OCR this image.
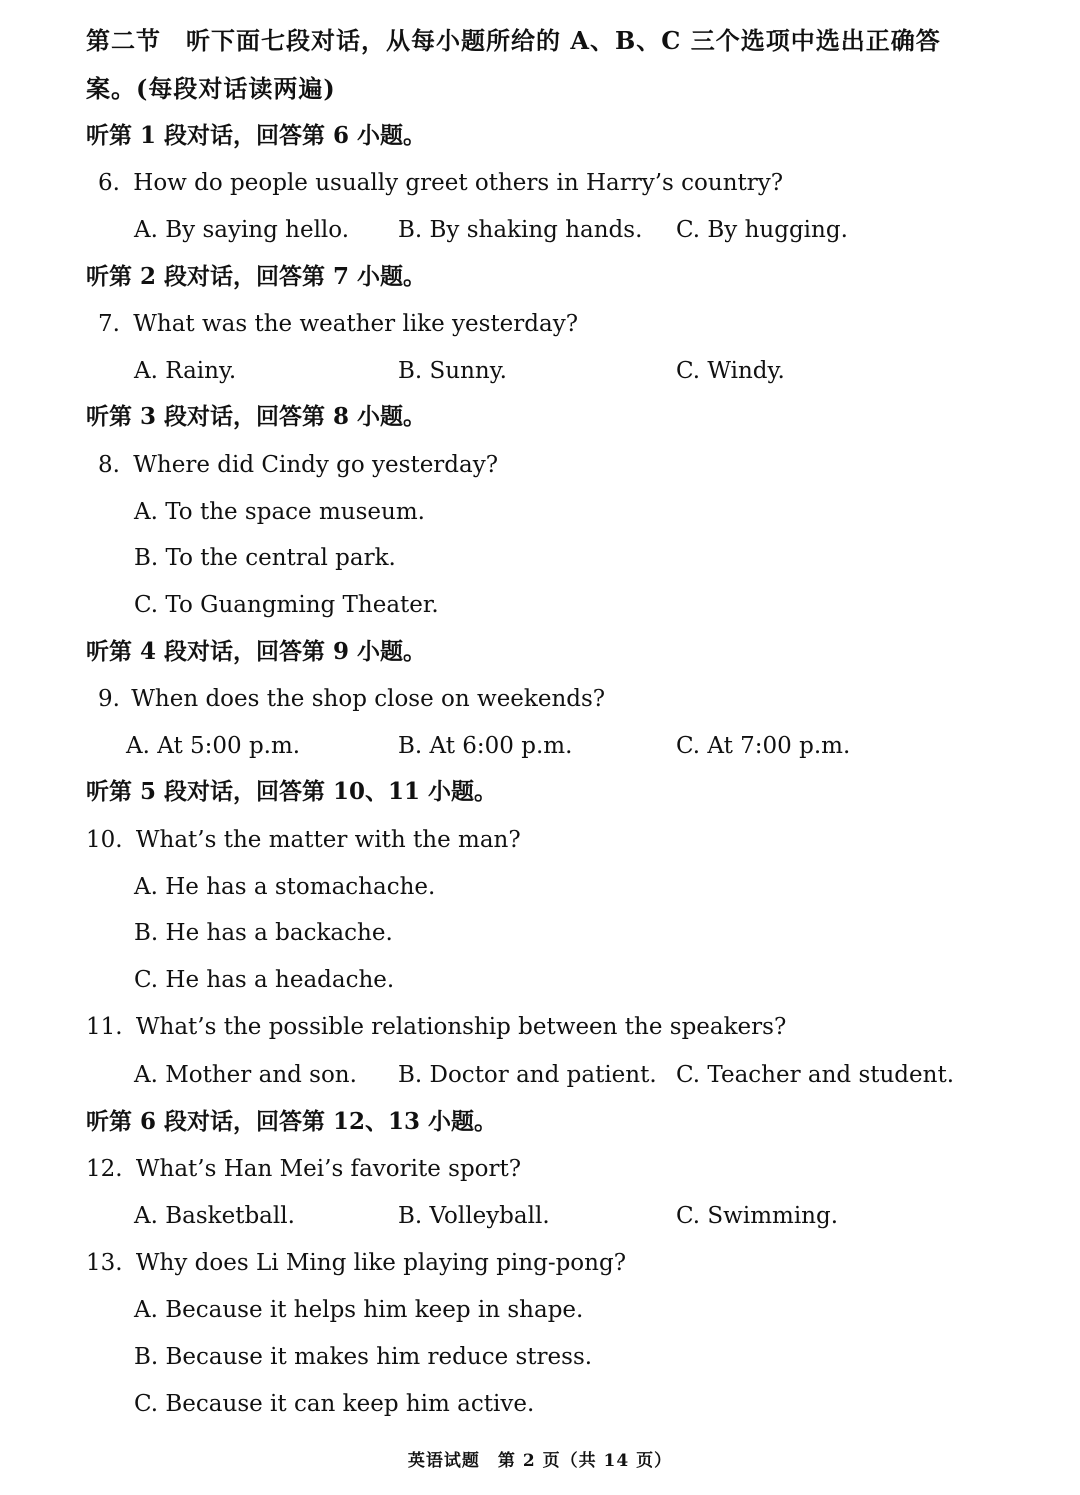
第二节　听下面七段对话，从每小题所给的 A、B、C 三个选项中选出正确答
案。(每段对话读两遍)
听第 1 段对话，回答第 6 小题。
6. How do people usually greet others in Harry’s country?
A. By saying hello. B. By shaking hands. C. By hugging.
听第 2 段对话，回答第 7 小题。
7. What was the weather like yesterday?
A. Rainy.	B. Sunny.	C. Windy.
听第 3 段对话，回答第 8 小题。
8. Where did Cindy go yesterday?
A. To the space museum.
B. To the central park.
C. To Guangming Theater.
听第 4 段对话，回答第 9 小题。
9. When does the shop close on weekends?
A. At 5:00 p.m.	B. At 6:00 p.m.	C. At 7:00 p.m.
听第 5 段对话，回答第 10、11 小题。
10. What’s the matter with the man?
A. He has a stomachache.
B. He has a backache.
C. He has a headache.
11. What’s the possible relationship between the speakers?
A. Mother and son. B. Doctor and patient. C. Teacher and student.
听第 6 段对话，回答第 12、13 小题。
12. What’s Han Mei’s favorite sport?
A. Basketball.	B. Volleyball.	C. Swimming.
13. Why does Li Ming like playing ping-pong?
A. Because it helps him keep in shape.
B. Because it makes him reduce stress.
C. Because it can keep him active.
英语试题　第 2 页（共 14 页）
